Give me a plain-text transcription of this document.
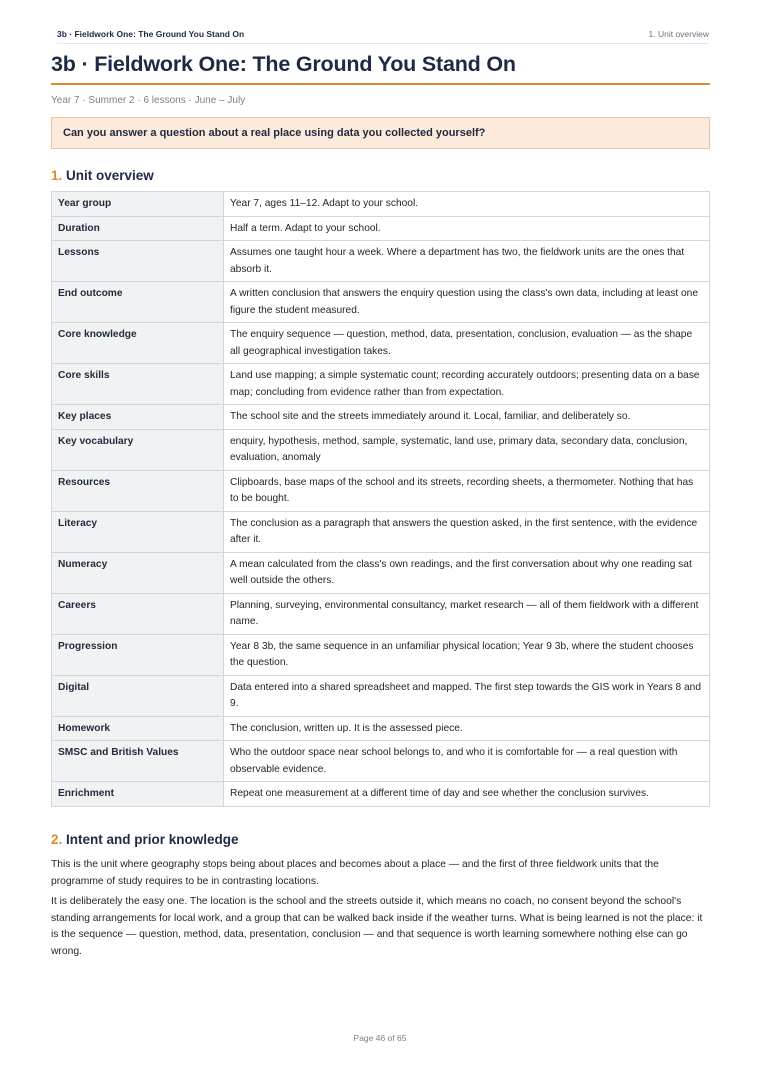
3b · Fieldwork One: The Ground You Stand On	1. Unit overview
3b · Fieldwork One: The Ground You Stand On
Year 7 · Summer 2 · 6 lessons · June – July
Can you answer a question about a real place using data you collected yourself?
1. Unit overview
Year group	Year 7, ages 11–12. Adapt to your school.
Duration	Half a term. Adapt to your school.
Lessons	Assumes one taught hour a week. Where a department has two, the fieldwork units are the ones that absorb it.
End outcome	A written conclusion that answers the enquiry question using the class's own data, including at least one figure the student measured.
Core knowledge	The enquiry sequence — question, method, data, presentation, conclusion, evaluation — as the shape all geographical investigation takes.
Core skills	Land use mapping; a simple systematic count; recording accurately outdoors; presenting data on a base map; concluding from evidence rather than from expectation.
Key places	The school site and the streets immediately around it. Local, familiar, and deliberately so.
Key vocabulary	enquiry, hypothesis, method, sample, systematic, land use, primary data, secondary data, conclusion, evaluation, anomaly
Resources	Clipboards, base maps of the school and its streets, recording sheets, a thermometer. Nothing that has to be bought.
Literacy	The conclusion as a paragraph that answers the question asked, in the first sentence, with the evidence after it.
Numeracy	A mean calculated from the class's own readings, and the first conversation about why one reading sat well outside the others.
Careers	Planning, surveying, environmental consultancy, market research — all of them fieldwork with a different name.
Progression	Year 8 3b, the same sequence in an unfamiliar physical location; Year 9 3b, where the student chooses the question.
Digital	Data entered into a shared spreadsheet and mapped. The first step towards the GIS work in Years 8 and 9.
Homework	The conclusion, written up. It is the assessed piece.
SMSC and British Values	Who the outdoor space near school belongs to, and who it is comfortable for — a real question with observable evidence.
Enrichment	Repeat one measurement at a different time of day and see whether the conclusion survives.
2. Intent and prior knowledge

This is the unit where geography stops being about places and becomes about a place — and the first of three fieldwork units that the programme of study requires to be in contrasting locations.

It is deliberately the easy one. The location is the school and the streets outside it, which means no coach, no consent beyond the school's standing arrangements for local work, and a group that can be walked back inside if the weather turns. What is being learned is not the place: it is the sequence — question, method, data, presentation, conclusion — and that sequence is worth learning somewhere nothing else can go wrong.

Page 46 of 65
